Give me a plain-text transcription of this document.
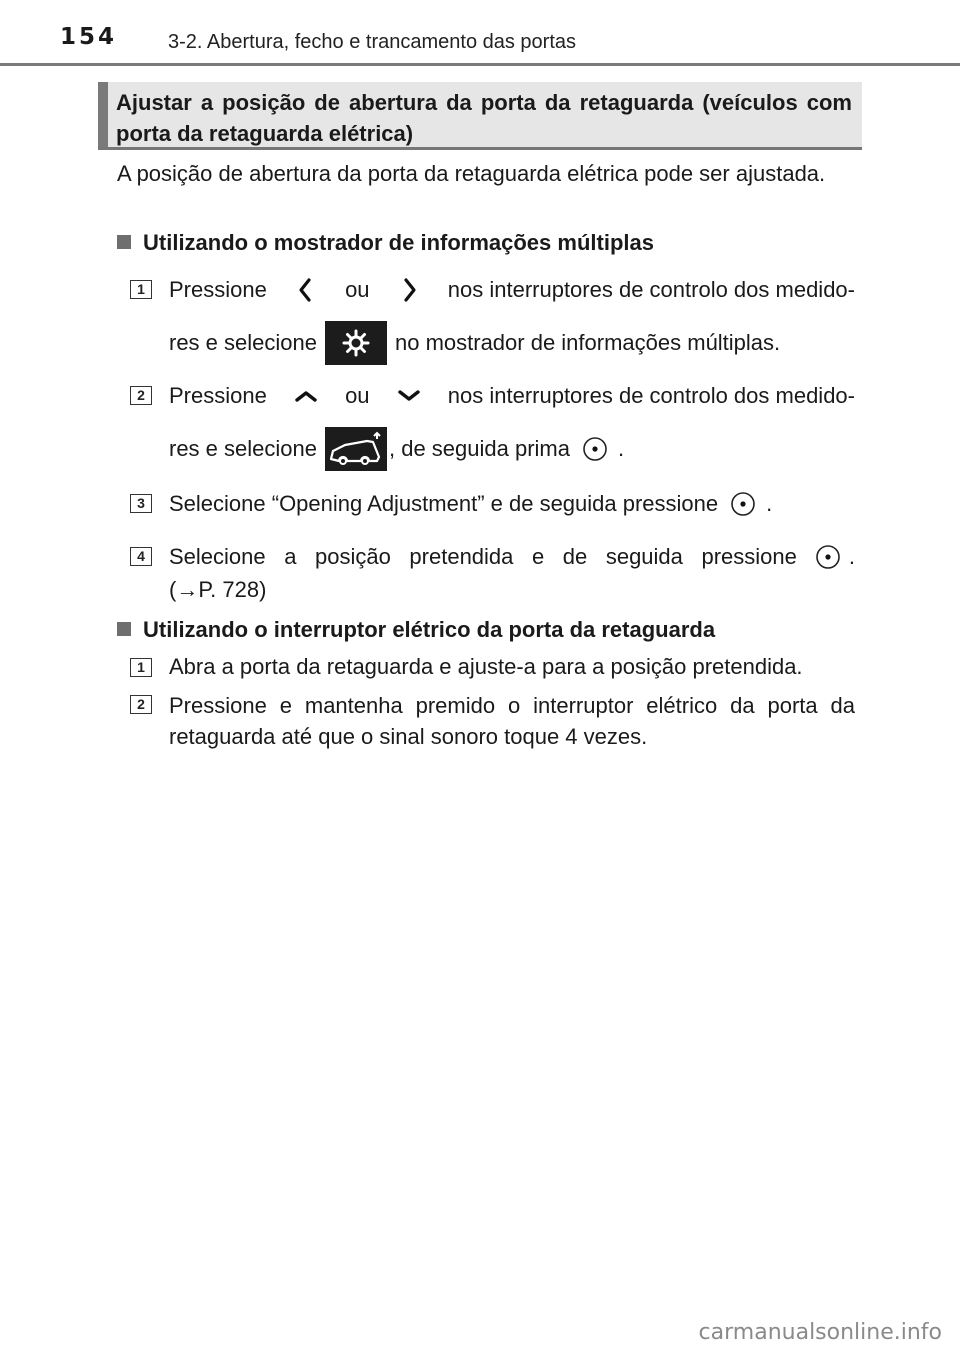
154	3-2. Abertura, fecho e trancamento das portas
Ajustar a posição de abertura da porta da retaguarda (veículos com porta da retaguarda elétrica)
A posição de abertura da porta da retaguarda elétrica pode ser ajustada.
Utilizando o mostrador de informações múltiplas
1	Pressione	ou	nos interruptores de controlo dos medido-
res e selecione	no mostrador de informações múltiplas.
2	Pressione	ou	nos interruptores de controlo dos medido-
res e selecione	, de seguida prima .
3	Selecione “Opening Adjustment” e de seguida pressione .
4	Selecione a posição pretendida e de seguida pressione .
(→P. 728)
Utilizando o interruptor elétrico da porta da retaguarda
1	Abra a porta da retaguarda e ajuste-a para a posição pretendida.
2	Pressione e mantenha premido o interruptor elétrico da porta da retaguarda até que o sinal sonoro toque 4 vezes.
carmanualsonline.info
